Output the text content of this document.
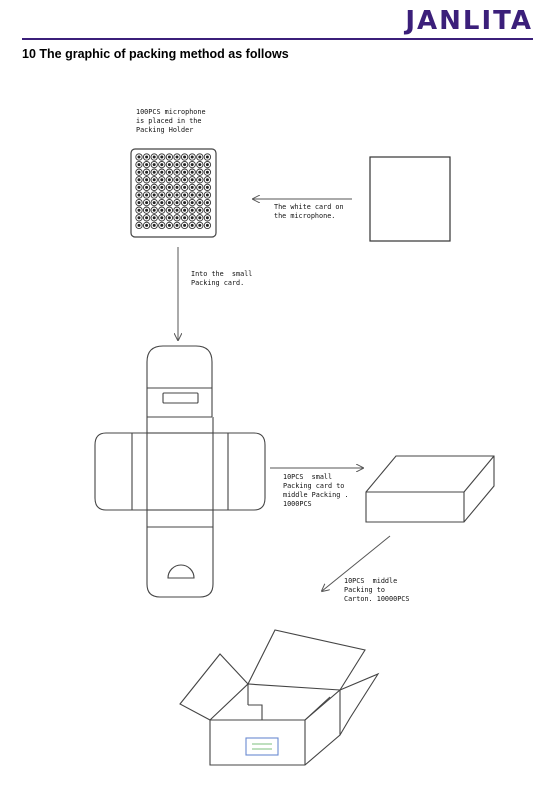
JANLITA
10 The graphic of packing method as follows
100PCS microphone
is placed in the
Packing Holder
The white card on
the microphone.
Into the  small
Packing card.
10PCS  small
Packing card to
middle Packing .
1000PCS
10PCS  middle
Packing to
Carton. 10000PCS
